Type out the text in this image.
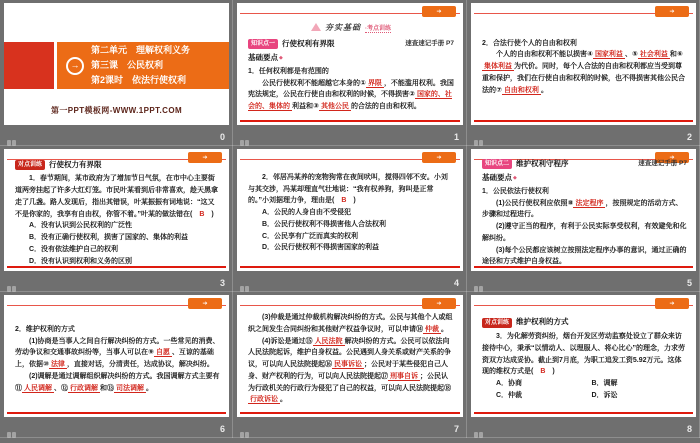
→
第二单元　理解权利义务
第三课　公民权利
第2课时　依法行使权利
第一PPT模板网-WWW.1PPT.COM
0
➔
夯实基础 ·考点训练
知识点一 行使权利有界限	速查速记手册 P7
基础要点◆
1．任何权利都是有范围的
公民行使权利不能超越它本身的① 界限 ，不能滥用权利。我国宪法规定，公民在行使自由和权利的时候，不得损害② 国家的、社会的、集体的 利益和③ 其他公民 的合法的自由和权利。
1
➔
2．合法行使个人的自由和权利
个人的自由和权利不能以损害④ 国家利益 、⑤ 社会利益 和⑥集体利益 为代价。同时，每个人合法的自由和权利都应当受到尊重和保护，我们在行使自由和权利的时候，也不得损害其他公民合法的⑦ 自由和权利 。
2
➔
对点训练 行使权力有界限
1．春节期间，某市政府为了增加节日气氛，在市中心主要街道两旁挂起了许多大红灯笼。市民叶某看到后非常喜欢，趁天黑拿走了几盏。路人发现后，指出其错误，叶某振振有词地说：“这又不是你家的，我享有自由权，你管不着。”叶某的做法错在(　B　)
A．没有认识到公民权利的广泛性
B．没有正确行使权利，损害了国家的、集体的利益
C．没有依法维护自己的权利
D．没有认识到权利和义务的区别
3
➔
2．邻居冯某养的宠物狗常在夜间吠叫，搅得四邻不安。小刘与其交涉，冯某却理直气壮地说：“我有权养狗，狗叫是正常的。”小刘据理力争，理由是(　B　)
A．公民的人身自由不受侵犯
B．公民行使权利不得损害他人合法权利
C．公民享有广泛而真实的权利
D．公民行使权利不得损害国家的利益
4
➔
知识点二 维护权利守程序	速查速记手册 P7
基础要点◆
1．公民依法行使权利
(1)公民行使权利应依照⑧ 法定程序 ，按照规定的活动方式、步骤和过程进行。
(2)遵守正当的程序，有利于公民实际享受权利，有效避免和化解纠纷。
(3)每个公民都应该树立按照法定程序办事的意识，通过正确的途径和方式维护自身权益。
5
➔
2．维护权利的方式
(1)协商是当事人之间自行解决纠纷的方式。一些常见的消费、劳动争议和交通事故纠纷等，当事人可以在⑨ 自愿 、互谅的基础上，依据⑩ 法律 ，直接对话，分清责任，达成协议，解决纠纷。
(2)调解是通过调解组织解决纠纷的方式。我国调解方式主要有⑪ 人民调解 、⑫ 行政调解 和⑬ 司法调解 。
6
➔
(3)仲裁是通过仲裁机构解决纠纷的方式。公民与其他个人或组织之间发生合同纠纷和其他财产权益争议时，可以申请⑭ 仲裁 。
(4)诉讼是通过⑮ 人民法院 解决纠纷的方式。公民可以依法向人民法院起诉，维护自身权益。公民遇到人身关系或财产关系的争议，可以向人民法院提起⑯ 民事诉讼 ；公民对于某些侵犯自己人身、财产权利的行为，可以向人民法院提起⑰ 刑事自诉 ；公民认为行政机关的行政行为侵犯了自己的权益，可以向人民法院提起⑱行政诉讼 。
7
➔
对点训练 维护权利的方式
3．为化解劳资纠纷，烟台开发区劳动监察处设立了群众来访接待中心，秉承“以情动人、以理服人、将心比心”的理念，力求劳资双方达成妥协。截止到7月底，为职工追发工资5.92万元。这体现的维权方式是(　B　)
A．协商	B．调解
C．仲裁	D．诉讼
8
